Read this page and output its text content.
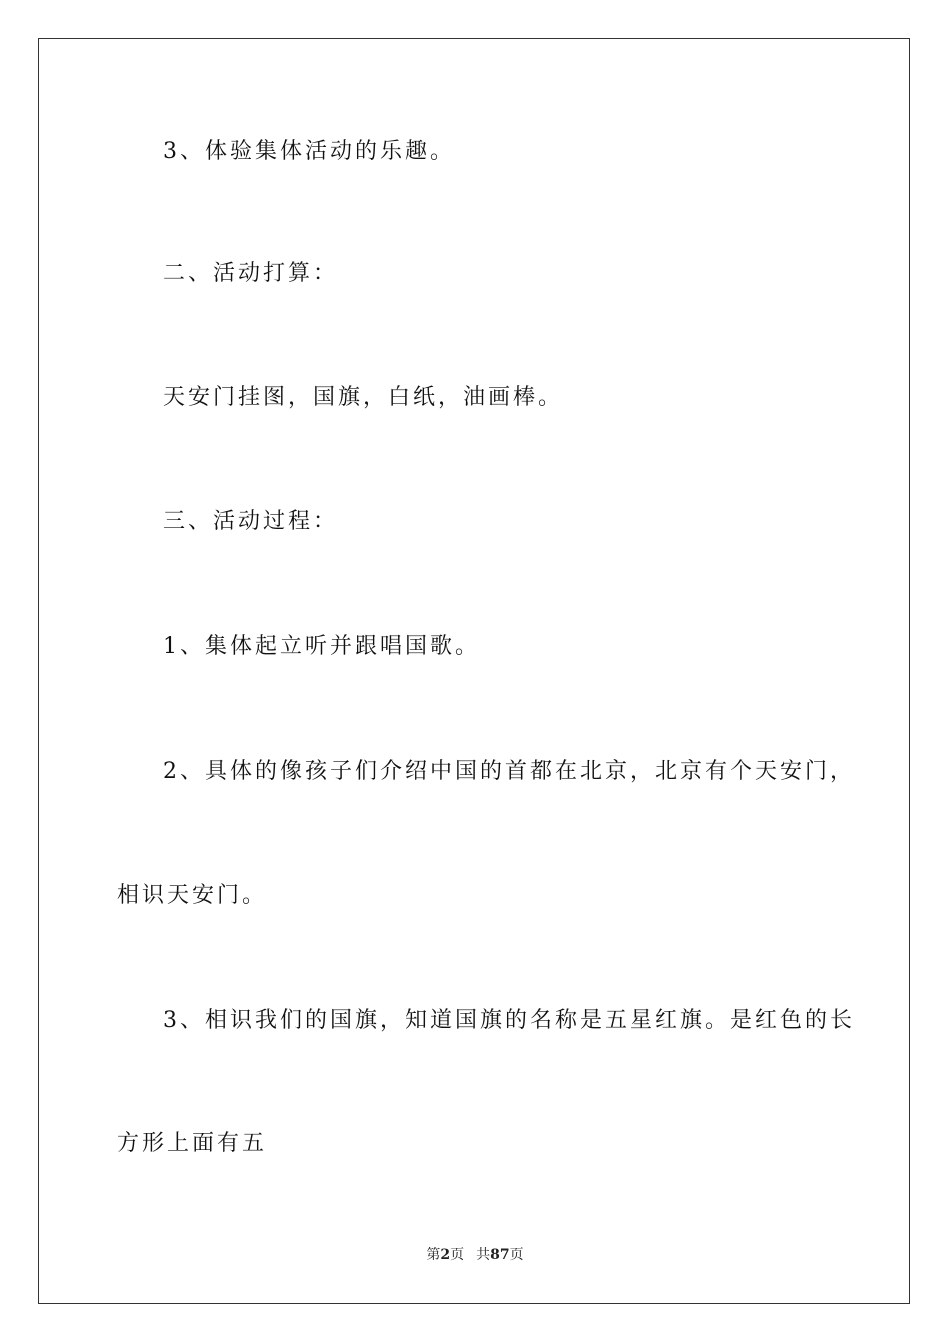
3、体验集体活动的乐趣。
二、活动打算：
天安门挂图，国旗，白纸，油画棒。
三、活动过程：
1、集体起立听并跟唱国歌。
2、具体的像孩子们介绍中国的首都在北京，北京有个天安门，
相识天安门。
3、相识我们的国旗，知道国旗的名称是五星红旗。是红色的长
方形上面有五
第2页 共87页
